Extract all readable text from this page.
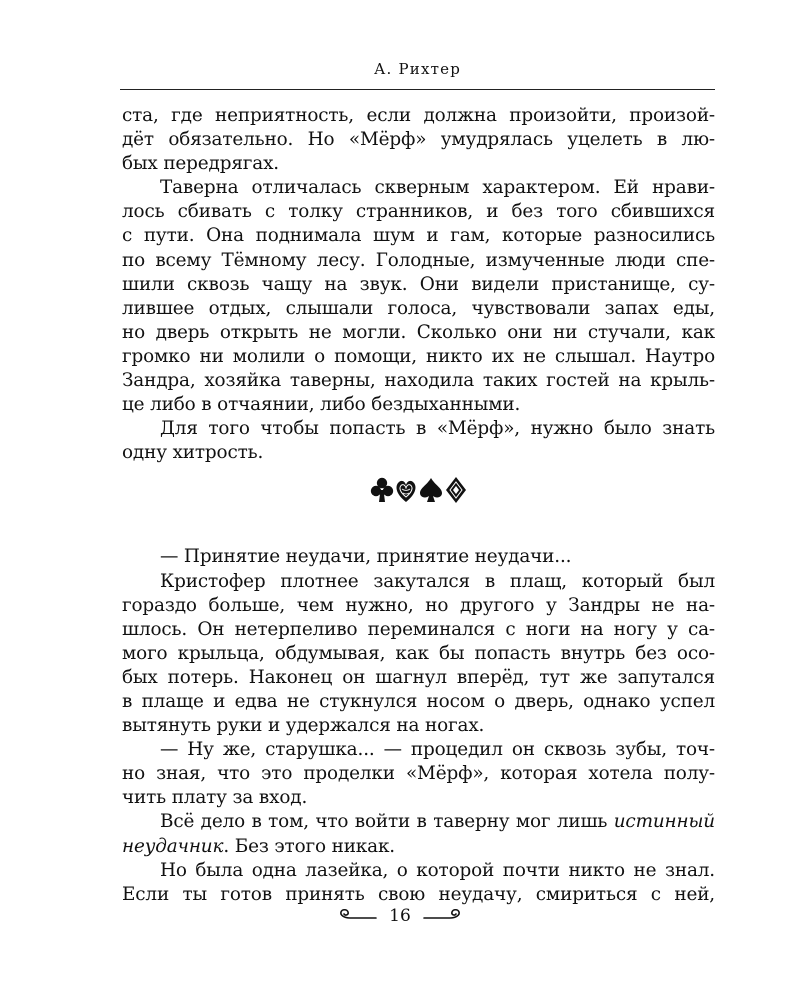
А. Рихтер
ста, где неприятность, если должна произойти, произой-
дёт обязательно. Но «Мёрф» умудрялась уцелеть в лю-
бых передрягах.
Таверна отличалась скверным характером. Ей нрави-
лось сбивать с толку странников, и без того сбившихся
с пути. Она поднимала шум и гам, которые разносились
по всему Тёмному лесу. Голодные, измученные люди спе-
шили сквозь чащу на звук. Они видели пристанище, су-
лившее отдых, слышали голоса, чувствовали запах еды,
но дверь открыть не могли. Сколько они ни стучали, как
громко ни молили о помощи, никто их не слышал. Наутро
Зандра, хозяйка таверны, находила таких гостей на крыль-
це либо в отчаянии, либо бездыханными.
Для того чтобы попасть в «Мёрф», нужно было знать
одну хитрость.
— Принятие неудачи, принятие неудачи...
Кристофер плотнее закутался в плащ, который был
гораздо больше, чем нужно, но другого у Зандры не на-
шлось. Он нетерпеливо переминался с ноги на ногу у са-
мого крыльца, обдумывая, как бы попасть внутрь без осо-
бых потерь. Наконец он шагнул вперёд, тут же запутался
в плаще и едва не стукнулся носом о дверь, однако успел
вытянуть руки и удержался на ногах.
— Ну же, старушка... — процедил он сквозь зубы, точ-
но зная, что это проделки «Мёрф», которая хотела полу-
чить плату за вход.
Всё дело в том, что войти в таверну мог лишь истинный
неудачник. Без этого никак.
Но была одна лазейка, о которой почти никто не знал.
Если ты готов принять свою неудачу, смириться с ней,
16
